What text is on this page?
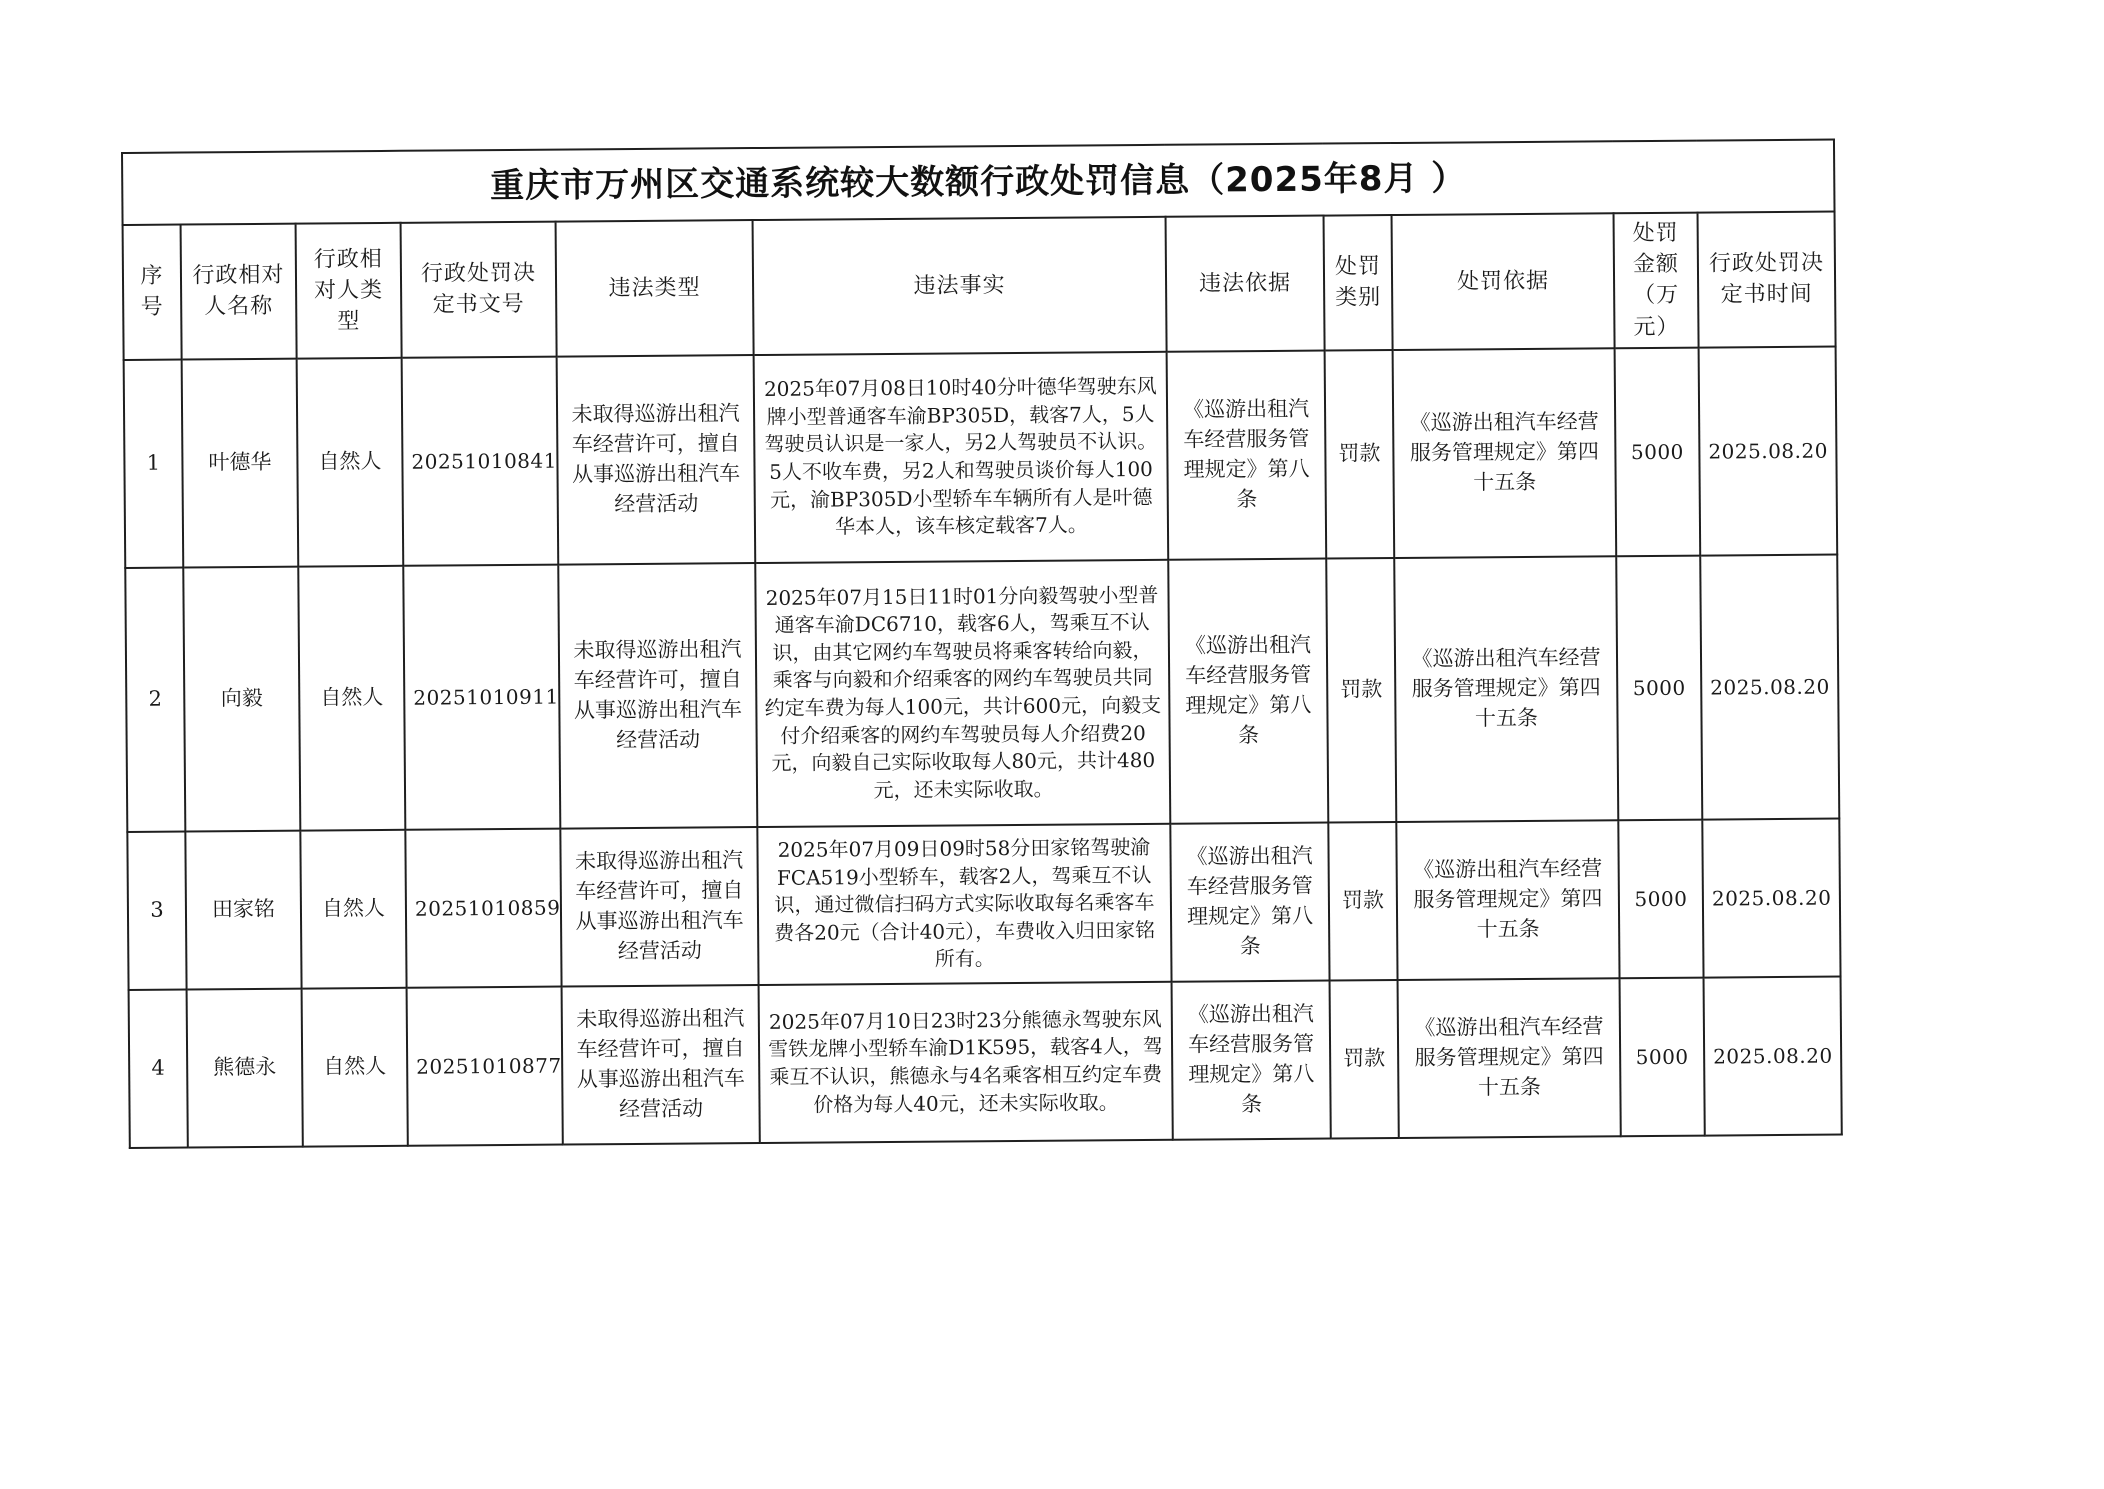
重庆市万州区交通系统较大数额行政处罚信息（2025年8月 ）										
序号	行政相对人名称	行政相对人类型	行政处罚决定书文号	违法类型	违法事实	违法依据	处罚类别	处罚依据	处罚金额（万元）	行政处罚决定书时间
1	叶德华	自然人	20251010841	未取得巡游出租汽车经营许可，擅自从事巡游出租汽车经营活动	2025年07月08日10时40分叶德华驾驶东风牌小型普通客车渝BP305D，载客7人，5人驾驶员认识是一家人，另2人驾驶员不认识。5人不收车费，另2人和驾驶员谈价每人100元，渝BP305D小型轿车车辆所有人是叶德华本人，该车核定载客7人。	《巡游出租汽车经营服务管理规定》第八条	罚款	《巡游出租汽车经营服务管理规定》第四十五条	5000	2025.08.20
2	向毅	自然人	20251010911	未取得巡游出租汽车经营许可，擅自从事巡游出租汽车经营活动	2025年07月15日11时01分向毅驾驶小型普通客车渝DC6710，载客6人，驾乘互不认识，由其它网约车驾驶员将乘客转给向毅，乘客与向毅和介绍乘客的网约车驾驶员共同约定车费为每人100元，共计600元，向毅支付介绍乘客的网约车驾驶员每人介绍费20元，向毅自己实际收取每人80元，共计480元，还未实际收取。	《巡游出租汽车经营服务管理规定》第八条	罚款	《巡游出租汽车经营服务管理规定》第四十五条	5000	2025.08.20
3	田家铭	自然人	20251010859	未取得巡游出租汽车经营许可，擅自从事巡游出租汽车经营活动	2025年07月09日09时58分田家铭驾驶渝FCA519小型轿车，载客2人，驾乘互不认识，通过微信扫码方式实际收取每名乘客车费各20元（合计40元），车费收入归田家铭所有。	《巡游出租汽车经营服务管理规定》第八条	罚款	《巡游出租汽车经营服务管理规定》第四十五条	5000	2025.08.20
4	熊德永	自然人	20251010877	未取得巡游出租汽车经营许可，擅自从事巡游出租汽车经营活动	2025年07月10日23时23分熊德永驾驶东风雪铁龙牌小型轿车渝D1K595，载客4人，驾乘互不认识，熊德永与4名乘客相互约定车费价格为每人40元，还未实际收取。	《巡游出租汽车经营服务管理规定》第八条	罚款	《巡游出租汽车经营服务管理规定》第四十五条	5000	2025.08.20
